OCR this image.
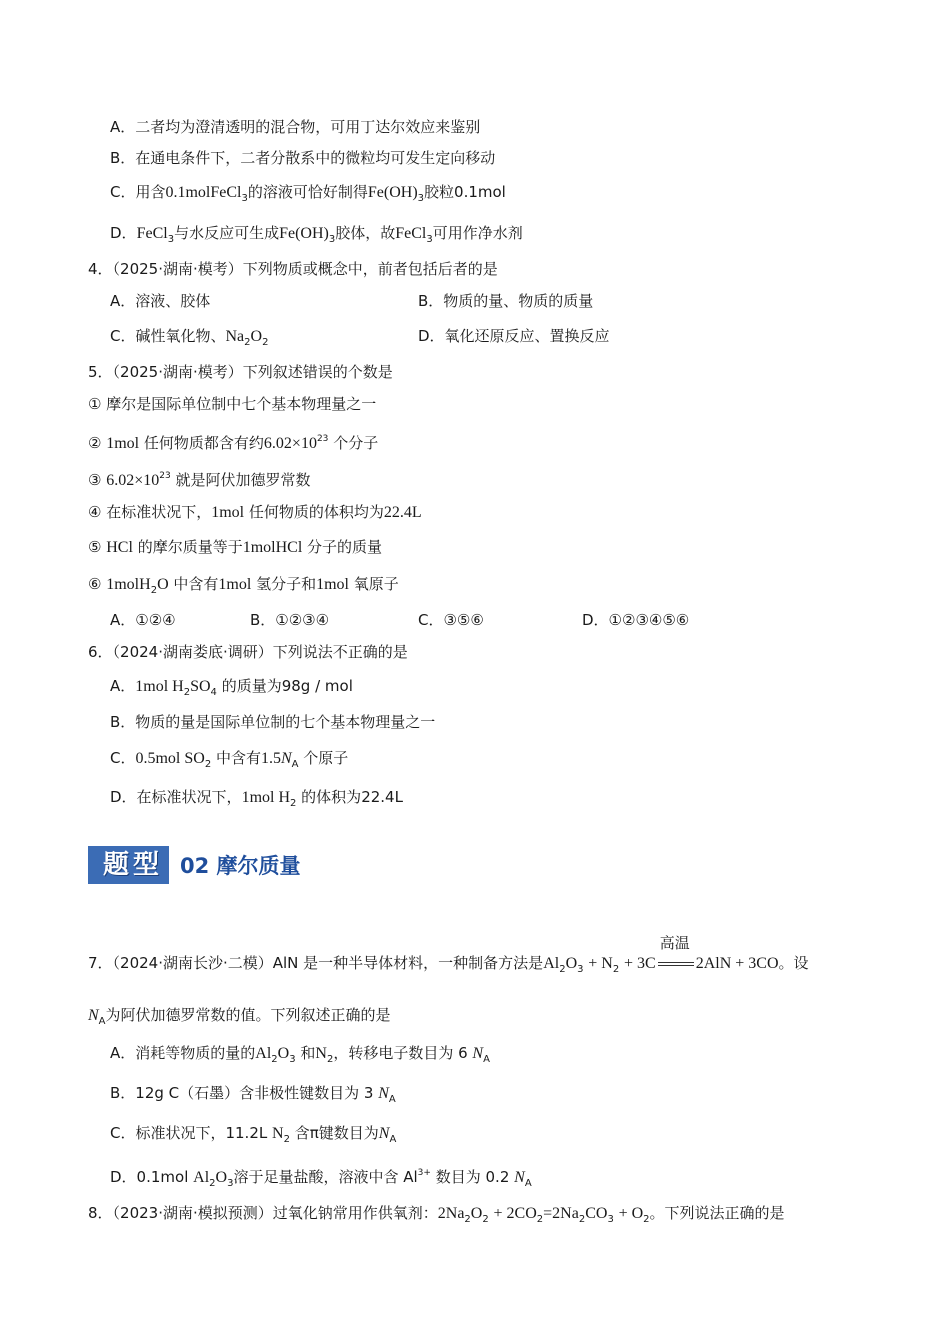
A．二者均为澄清透明的混合物，可用丁达尔效应来鉴别
B．在通电条件下，二者分散系中的微粒均可发生定向移动
C．用含0.1molFeCl$_3$的溶液可恰好制得$Fe(OH)_3$胶粒0.1mol
D．FeCl$_3$与水反应可生成$Fe(OH)_3$胶体，故FeCl$_3$可用作净水剂
4．（2025·湖南·模考）下列物质或概念中，前者包括后者的是
A．溶液、胶体	B．物质的量、物质的质量
C．碱性氧化物、$Na_2O_2$	D．氧化还原反应、置换反应
5．（2025·湖南·模考）下列叙述错误的个数是
① 摩尔是国际单位制中七个基本物理量之一
② 1mol 任何物质都含有约$6.02\times 10^{23}$ 个分子
③ $6.02\times 10^{23}$ 就是阿伏加德罗常数
④ 在标准状况下，1mol 任何物质的体积均为22.4L
⑤ HCl 的摩尔质量等于1molHCl 分子的质量
⑥ 1molH$_2$O 中含有1mol 氢分子和1mol 氧原子
A．①②④	B．①②③④	C．③⑤⑥	D．①②③④⑤⑥
6．（2024·湖南娄底·调研）下列说法不正确的是
A．1mol $H_2SO_4$ 的质量为98g / mol
B．物质的量是国际单位制的七个基本物理量之一
C．0.5mol $SO_2$ 中含有$1.5N_A$ 个原子
D．在标准状况下，1mol $H_2$ 的体积为22.4L
题型 02 摩尔质量
7．（2024·湖南长沙·二模）AlN 是一种半导体材料，一种制备方法是$Al_2O_3 + N_2 + 3C$
高温
2AlN + 3CO。设
$N_A$为阿伏加德罗常数的值。下列叙述正确的是
A．消耗等物质的量的$Al_2O_3$ 和$N_2$，转移电子数目为 6 $N_A$
B．12g C（石墨）含非极性键数目为 3 $N_A$
C．标准状况下，11.2L $N_2$ 含π键数目为$N_A$
D．0.1mol $Al_2O_3$溶于足量盐酸，溶液中含 $Al^{3+}$ 数目为 0.2 $N_A$
8．（2023·湖南·模拟预测）过氧化钠常用作供氧剂：$2Na_2O_2 + 2CO_2=2Na_2CO_3 + O_2$。下列说法正确的是
